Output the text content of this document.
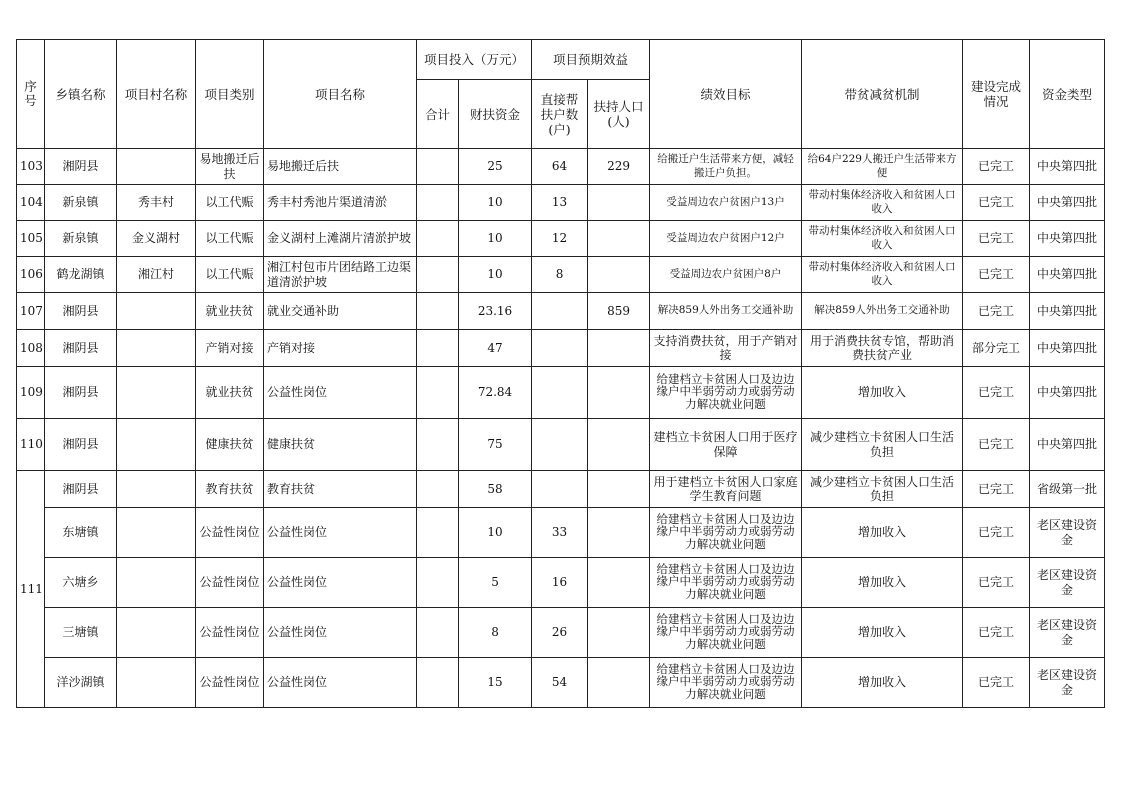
序号	乡镇名称	项目村名称	项目类别	项目名称	项目投入（万元）		项目预期效益		绩效目标	带贫减贫机制	建设完成情况	资金类型
					合计	财扶资金	直接帮扶户数(户)	扶持人口(人)				
103	湘阴县		易地搬迁后扶	易地搬迁后扶		25	64	229	给搬迁户生活带来方便，减轻搬迁户负担。	给64户229人搬迁户生活带来方便	已完工	中央第四批
104	新泉镇	秀丰村	以工代赈	秀丰村秀池片渠道清淤		10	13		受益周边农户贫困户13户	带动村集体经济收入和贫困人口收入	已完工	中央第四批
105	新泉镇	金义湖村	以工代赈	金义湖村上滩湖片清淤护坡		10	12		受益周边农户贫困户12户	带动村集体经济收入和贫困人口收入	已完工	中央第四批
106	鹤龙湖镇	湘江村	以工代赈	湘江村包市片团结路工边渠道清淤护坡		10	8		受益周边农户贫困户8户	带动村集体经济收入和贫困人口收入	已完工	中央第四批
107	湘阴县		就业扶贫	就业交通补助		23.16		859	解决859人外出务工交通补助	解决859人外出务工交通补助	已完工	中央第四批
108	湘阴县		产销对接	产销对接		47			支持消费扶贫，用于产销对接	用于消费扶贫专馆，帮助消费扶贫产业	部分完工	中央第四批
109	湘阴县		就业扶贫	公益性岗位		72.84			给建档立卡贫困人口及边边缘户中半弱劳动力或弱劳动力解决就业问题	增加收入	已完工	中央第四批
110	湘阴县		健康扶贫	健康扶贫		75			建档立卡贫困人口用于医疗保障	减少建档立卡贫困人口生活负担	已完工	中央第四批
111	湘阴县		教育扶贫	教育扶贫		58			用于建档立卡贫困人口家庭学生教育问题	减少建档立卡贫困人口生活负担	已完工	省级第一批
	东塘镇		公益性岗位	公益性岗位		10	33		给建档立卡贫困人口及边边缘户中半弱劳动力或弱劳动力解决就业问题	增加收入	已完工	老区建设资金
	六塘乡		公益性岗位	公益性岗位		5	16		给建档立卡贫困人口及边边缘户中半弱劳动力或弱劳动力解决就业问题	增加收入	已完工	老区建设资金
	三塘镇		公益性岗位	公益性岗位		8	26		给建档立卡贫困人口及边边缘户中半弱劳动力或弱劳动力解决就业问题	增加收入	已完工	老区建设资金
	洋沙湖镇		公益性岗位	公益性岗位		15	54		给建档立卡贫困人口及边边缘户中半弱劳动力或弱劳动力解决就业问题	增加收入	已完工	老区建设资金
